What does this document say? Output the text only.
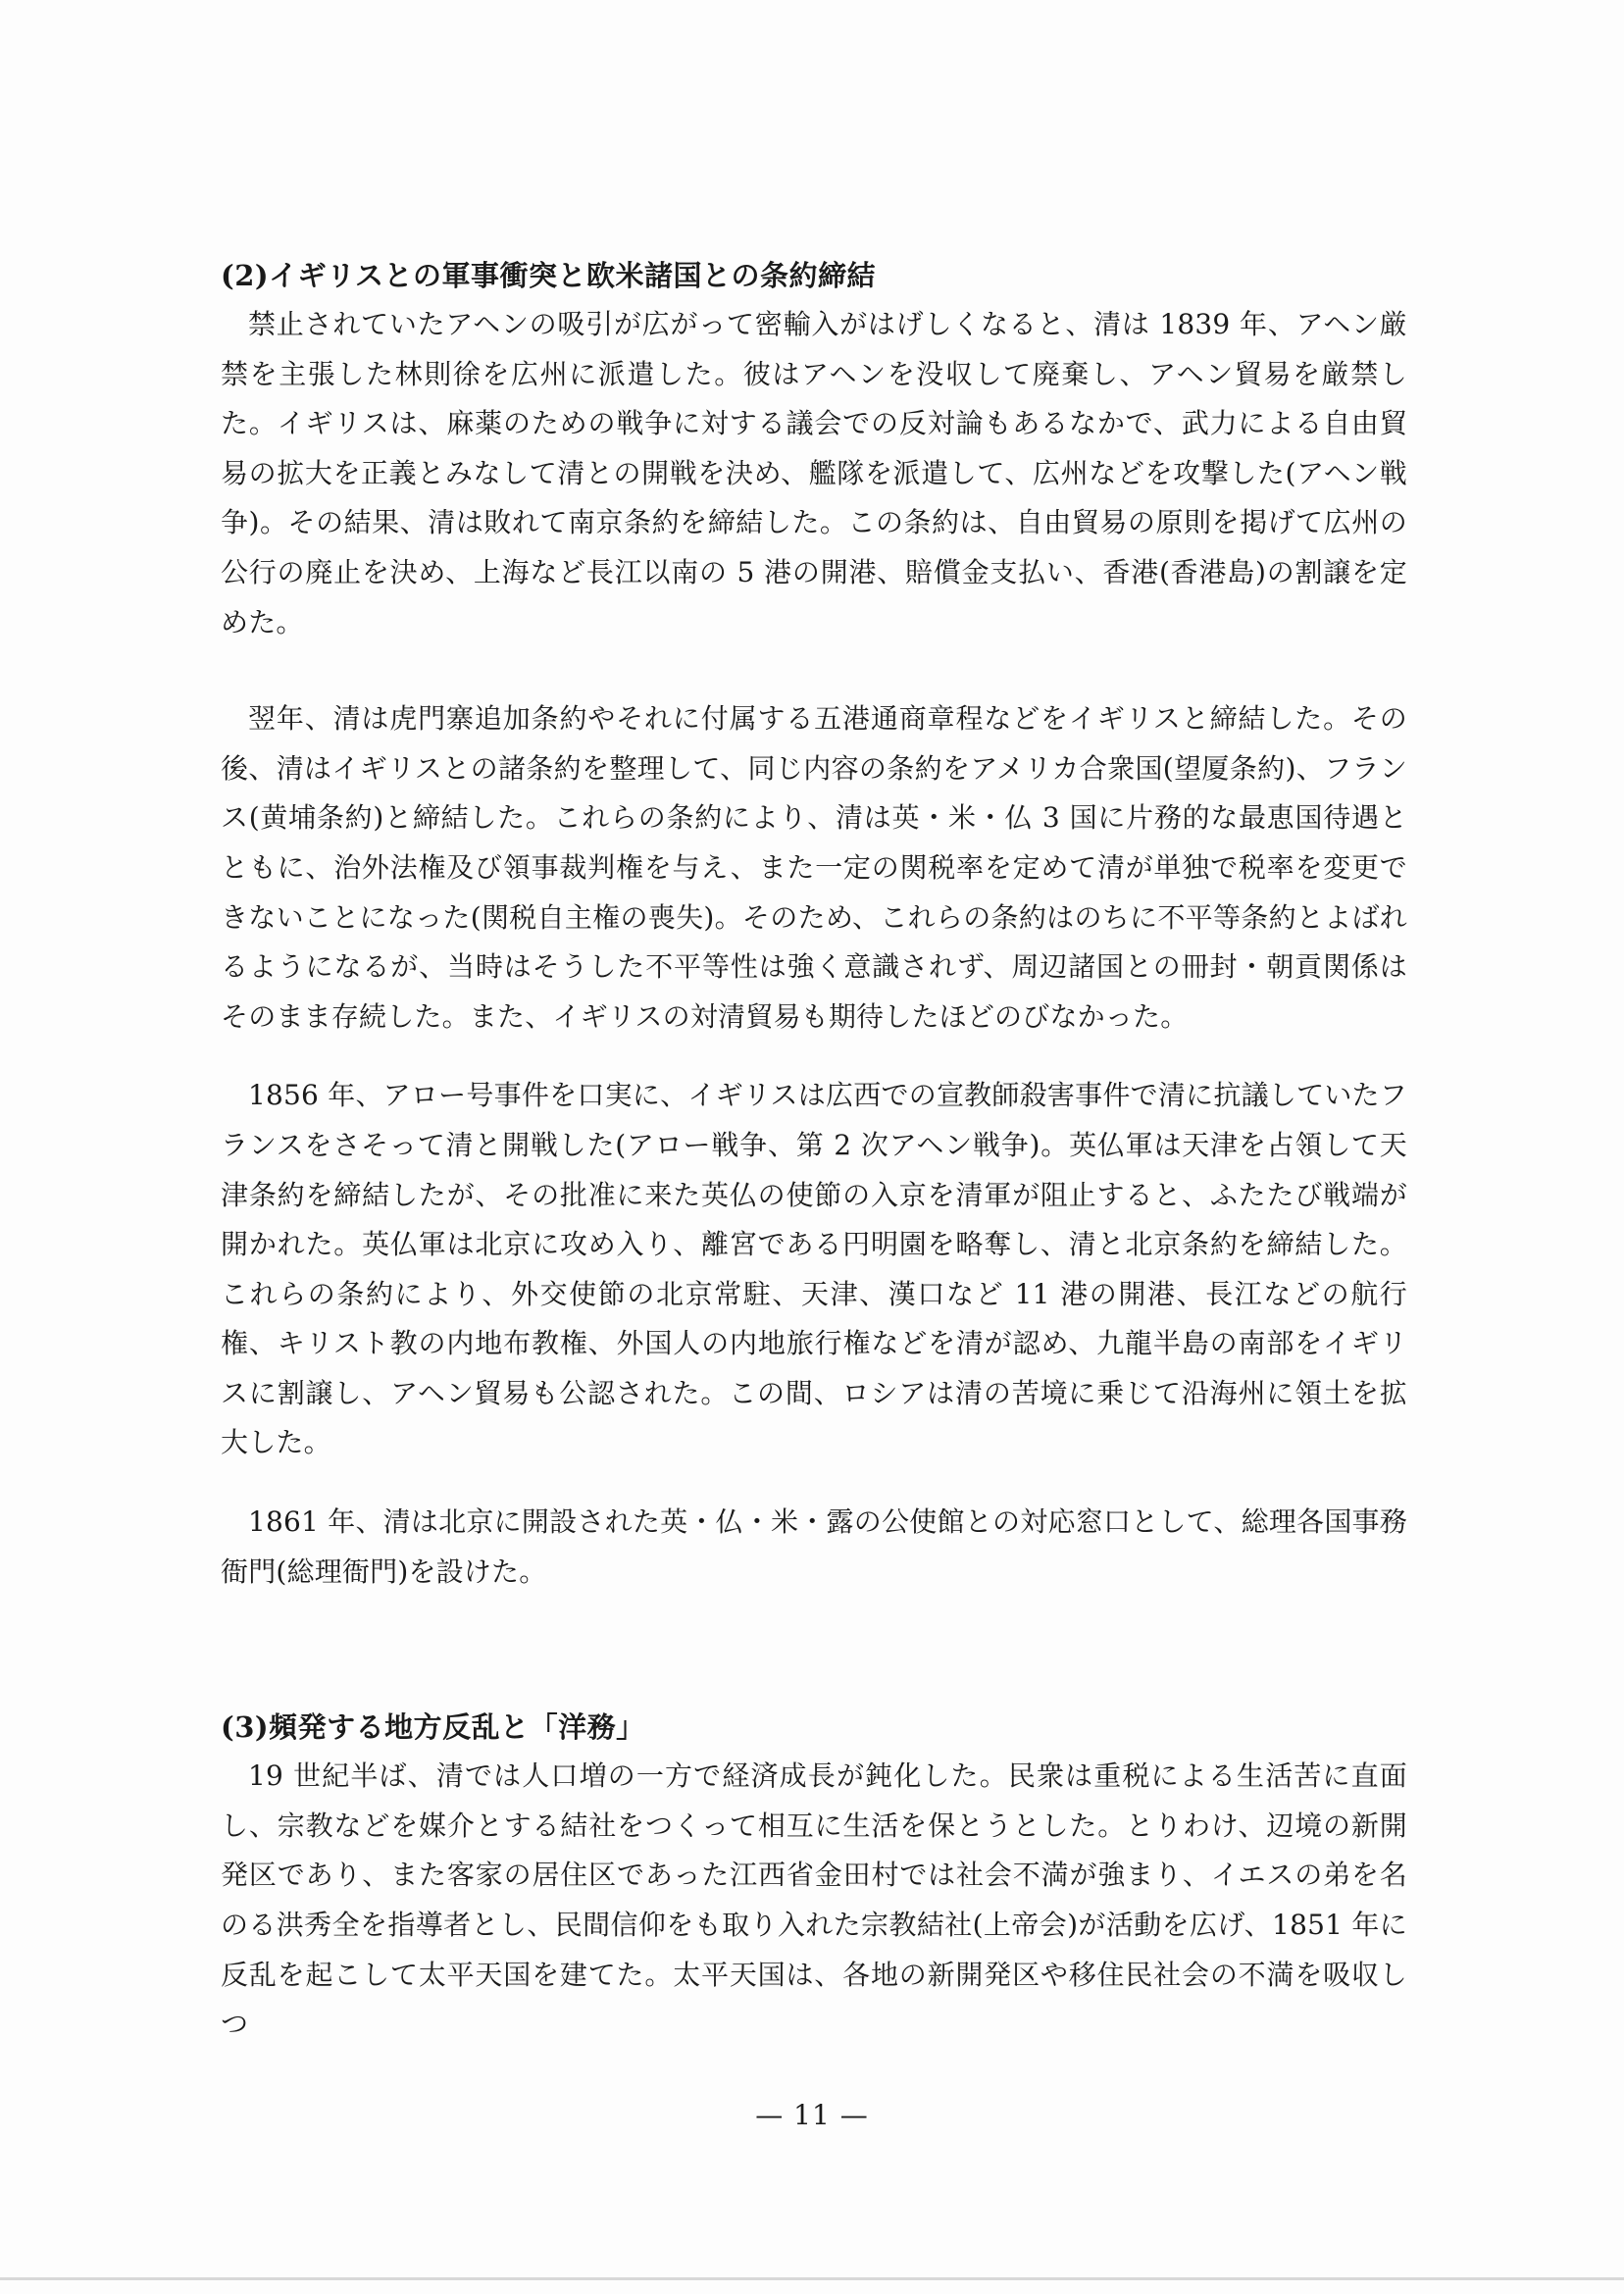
(2)イギリスとの軍事衝突と欧米諸国との条約締結

禁止されていたアヘンの吸引が広がって密輸入がはげしくなると、清は 1839 年、アヘン厳禁を主張した林則徐を広州に派遣した。彼はアヘンを没収して廃棄し、アヘン貿易を厳禁した。イギリスは、麻薬のための戦争に対する議会での反対論もあるなかで、武力による自由貿易の拡大を正義とみなして清との開戦を決め、艦隊を派遣して、広州などを攻撃した(アヘン戦争)。その結果、清は敗れて南京条約を締結した。この条約は、自由貿易の原則を掲げて広州の公行の廃止を決め、上海など長江以南の 5 港の開港、賠償金支払い、香港(香港島)の割譲を定めた。

翌年、清は虎門寨追加条約やそれに付属する五港通商章程などをイギリスと締結した。その後、清はイギリスとの諸条約を整理して、同じ内容の条約をアメリカ合衆国(望厦条約)、フランス(黄埔条約)と締結した。これらの条約により、清は英・米・仏 3 国に片務的な最恵国待遇とともに、治外法権及び領事裁判権を与え、また一定の関税率を定めて清が単独で税率を変更できないことになった(関税自主権の喪失)。そのため、これらの条約はのちに不平等条約とよばれるようになるが、当時はそうした不平等性は強く意識されず、周辺諸国との冊封・朝貢関係はそのまま存続した。また、イギリスの対清貿易も期待したほどのびなかった。

1856 年、アロー号事件を口実に、イギリスは広西での宣教師殺害事件で清に抗議していたフランスをさそって清と開戦した(アロー戦争、第 2 次アヘン戦争)。英仏軍は天津を占領して天津条約を締結したが、その批准に来た英仏の使節の入京を清軍が阻止すると、ふたたび戦端が開かれた。英仏軍は北京に攻め入り、離宮である円明園を略奪し、清と北京条約を締結した。これらの条約により、外交使節の北京常駐、天津、漢口など 11 港の開港、長江などの航行権、キリスト教の内地布教権、外国人の内地旅行権などを清が認め、九龍半島の南部をイギリスに割譲し、アヘン貿易も公認された。この間、ロシアは清の苦境に乗じて沿海州に領土を拡大した。

1861 年、清は北京に開設された英・仏・米・露の公使館との対応窓口として、総理各国事務衙門(総理衙門)を設けた。

(3)頻発する地方反乱と「洋務」

19 世紀半ば、清では人口増の一方で経済成長が鈍化した。民衆は重税による生活苦に直面し、宗教などを媒介とする結社をつくって相互に生活を保とうとした。とりわけ、辺境の新開発区であり、また客家の居住区であった江西省金田村では社会不満が強まり、イエスの弟を名のる洪秀全を指導者とし、民間信仰をも取り入れた宗教結社(上帝会)が活動を広げ、1851 年に反乱を起こして太平天国を建てた。太平天国は、各地の新開発区や移住民社会の不満を吸収しつ

— 11 —
